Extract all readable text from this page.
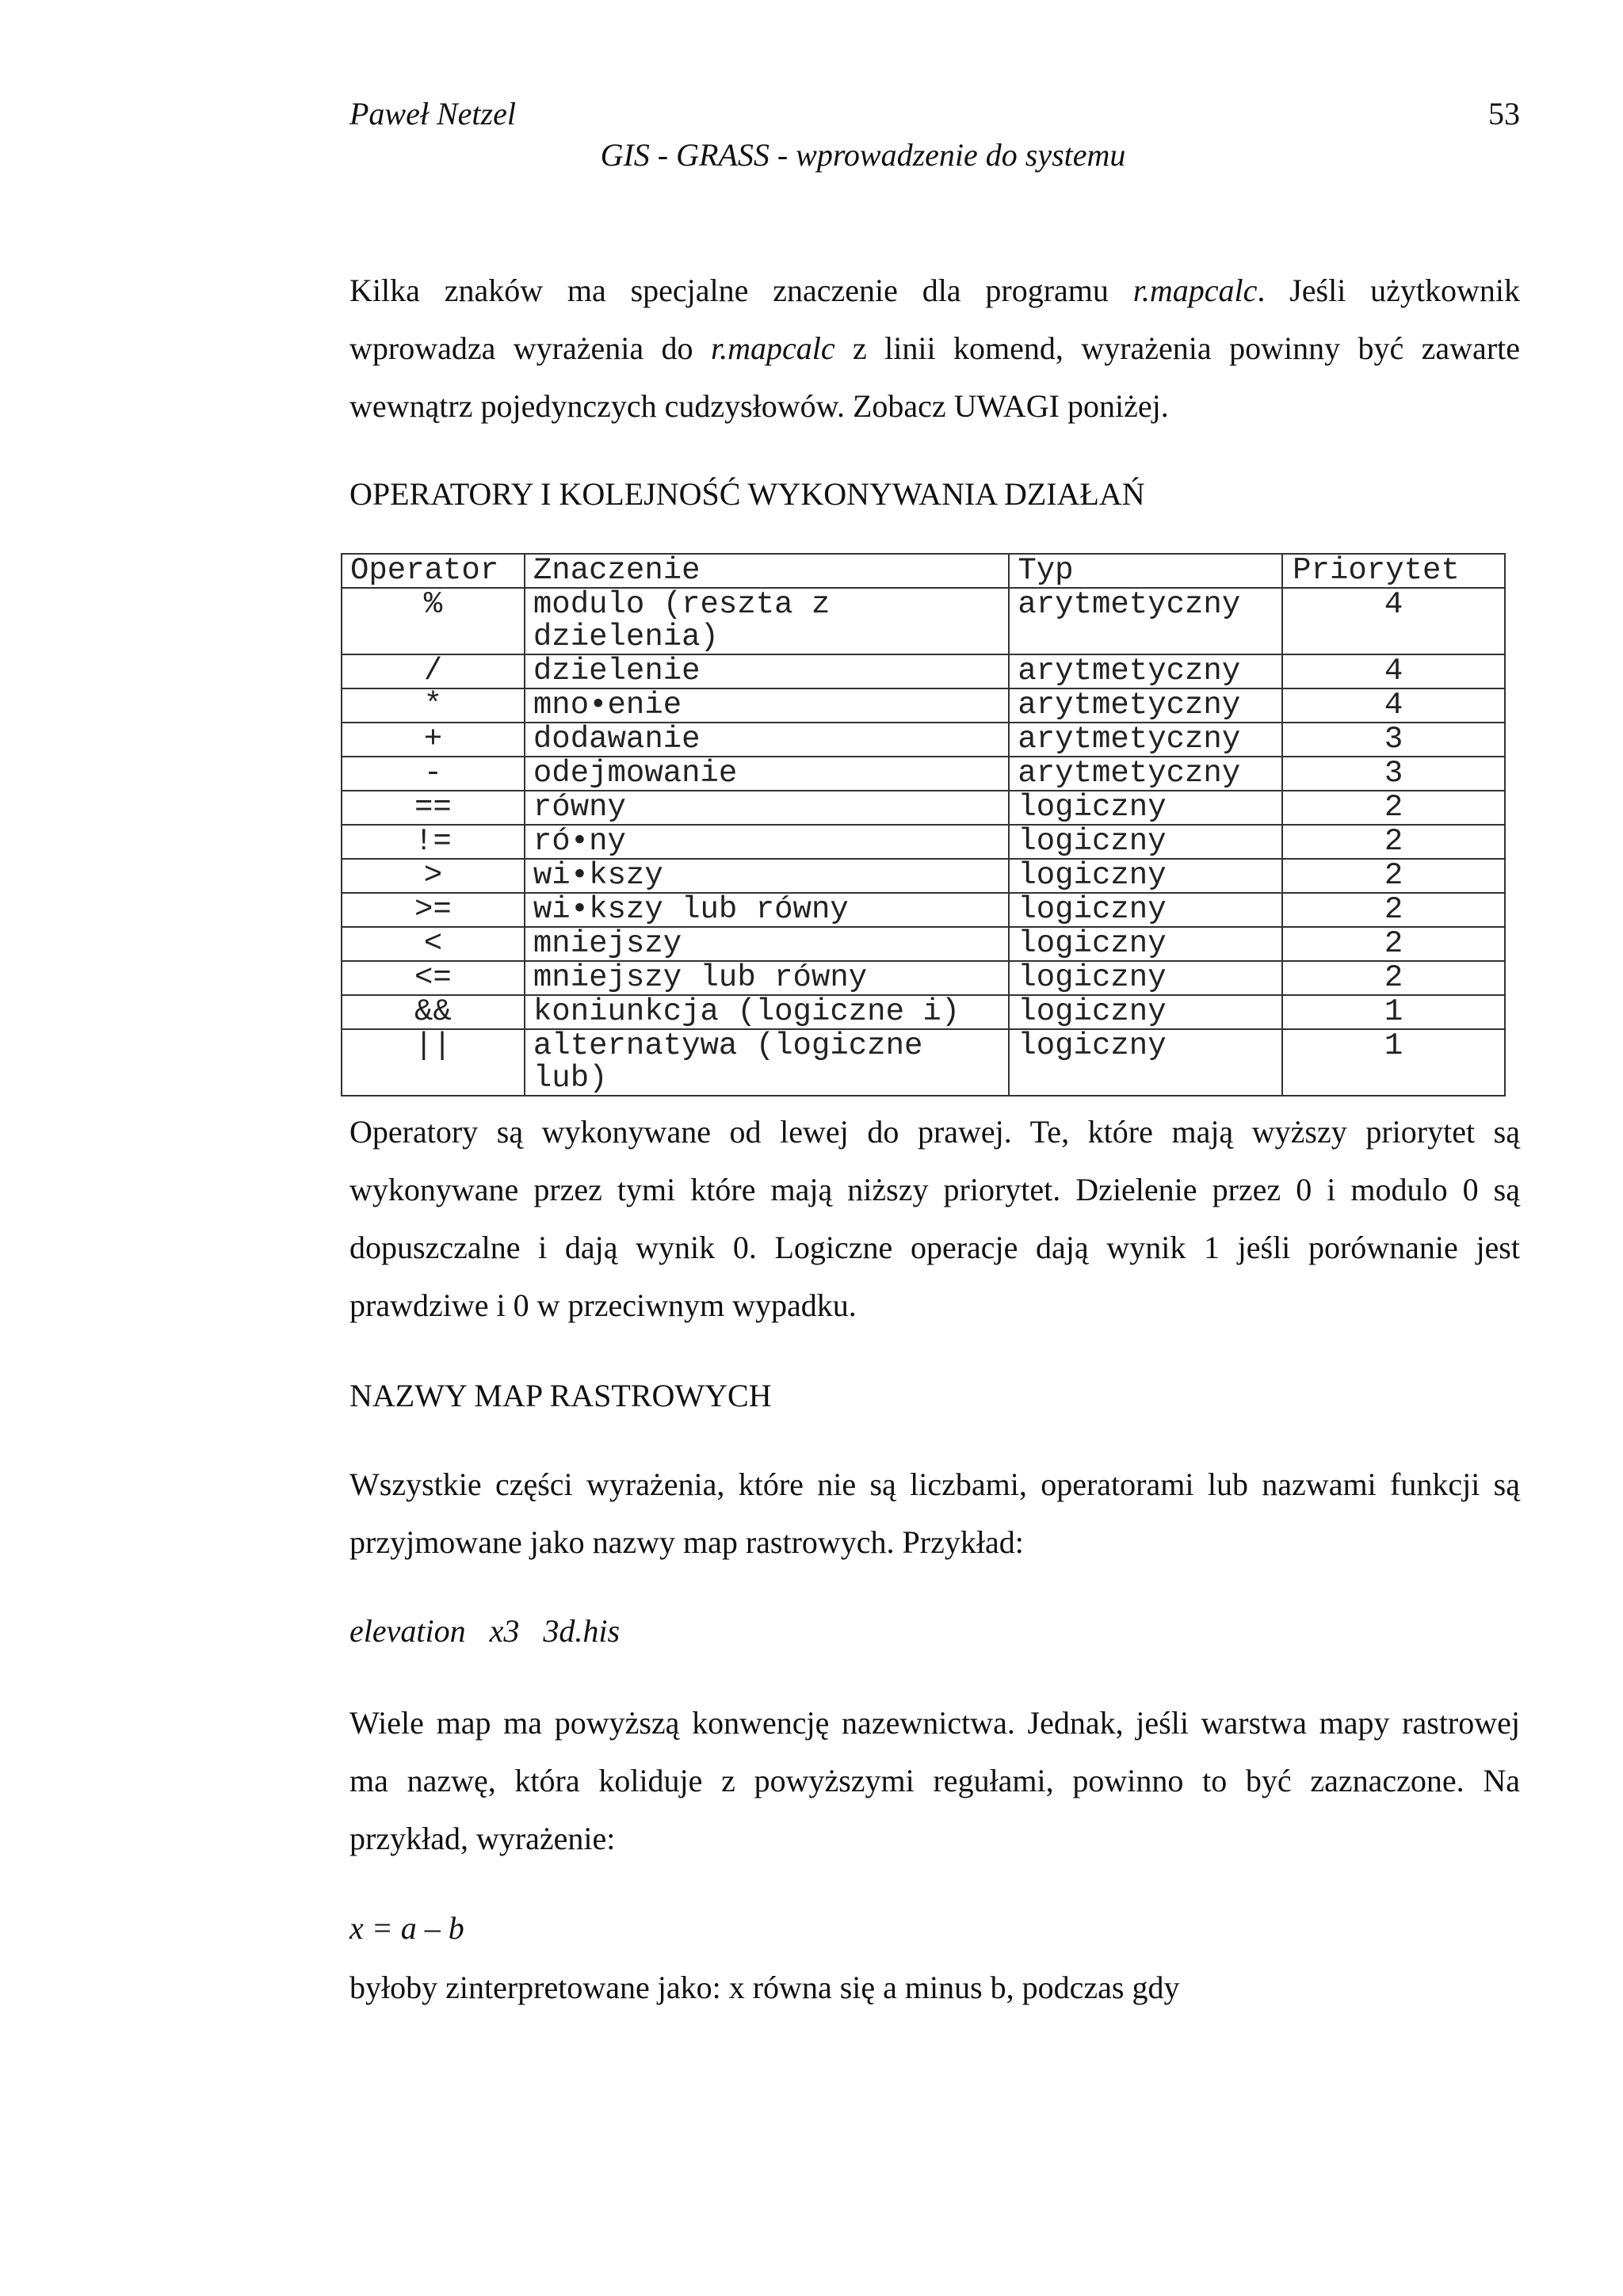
Paweł Netzel	53
GIS - GRASS - wprowadzenie do systemu
Kilka znaków ma specjalne znaczenie dla programu r.mapcalc. Jeśli użytkownik wprowadza wyrażenia do r.mapcalc z linii komend, wyrażenia powinny być zawarte wewnątrz pojedynczych cudzysłowów. Zobacz UWAGI poniżej.
OPERATORY I KOLEJNOŚĆ WYKONYWANIA DZIAŁAŃ
Operator	Znaczenie	Typ	Priorytet
%	modulo (reszta z dzielenia)	arytmetyczny	4
/	dzielenie	arytmetyczny	4
*	mno•enie	arytmetyczny	4
+	dodawanie	arytmetyczny	3
-	odejmowanie	arytmetyczny	3
==	równy	logiczny	2
!=	ró•ny	logiczny	2
>	wi•kszy	logiczny	2
>=	wi•kszy lub równy	logiczny	2
<	mniejszy	logiczny	2
<=	mniejszy lub równy	logiczny	2
&&	koniunkcja (logiczne i)	logiczny	1
||	alternatywa (logiczne lub)	logiczny	1
Operatory są wykonywane od lewej do prawej. Te, które mają wyższy priorytet są wykonywane przez tymi które mają niższy priorytet. Dzielenie przez 0 i modulo 0 są dopuszczalne i dają wynik 0. Logiczne operacje dają wynik 1 jeśli porównanie jest prawdziwe i 0 w przeciwnym wypadku.
NAZWY MAP RASTROWYCH
Wszystkie części wyrażenia, które nie są liczbami, operatorami lub nazwami funkcji są przyjmowane jako nazwy map rastrowych. Przykład:
elevation   x3   3d.his
Wiele map ma powyższą konwencję nazewnictwa. Jednak, jeśli warstwa mapy rastrowej ma nazwę, która koliduje z powyższymi regułami, powinno to być zaznaczone. Na przykład, wyrażenie:
x = a – b
byłoby zinterpretowane jako: x równa się a minus b, podczas gdy
